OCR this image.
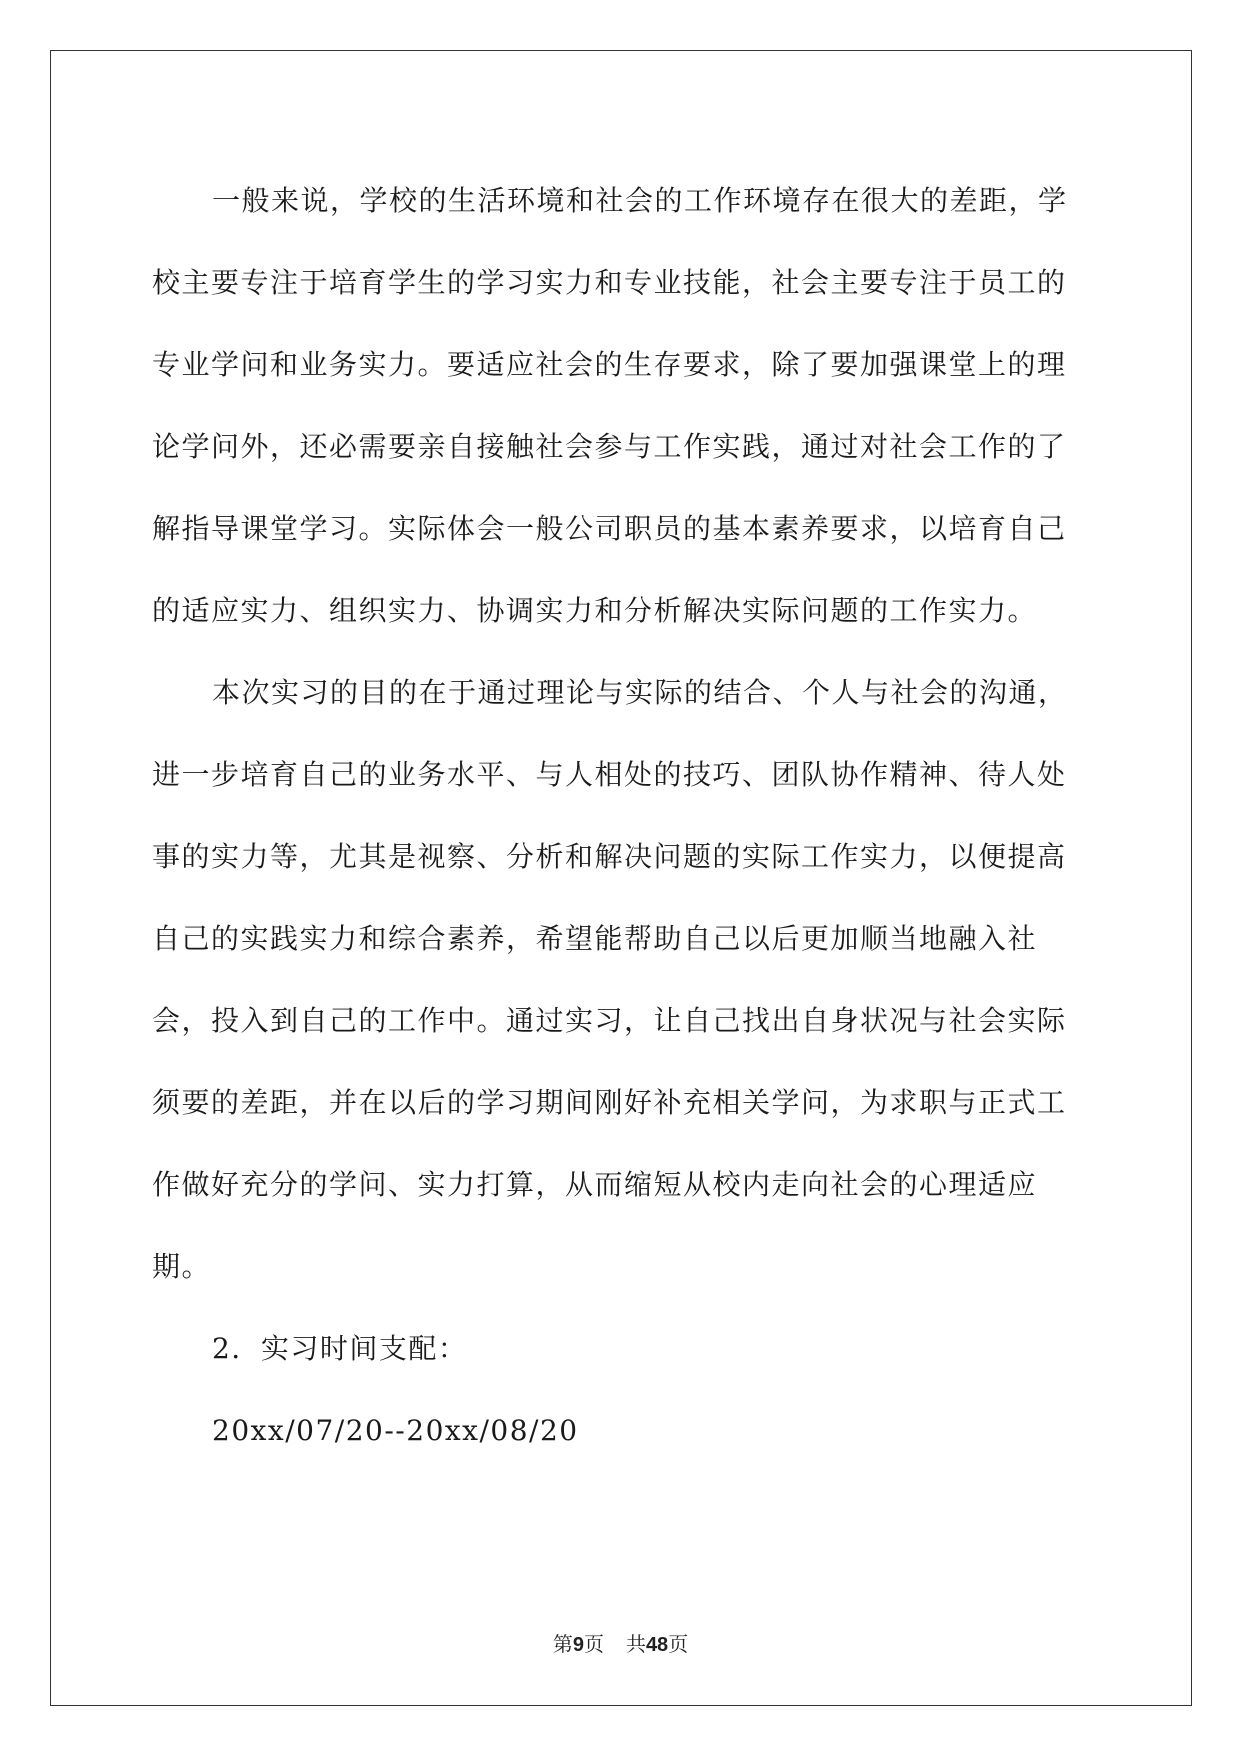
一般来说，学校的生活环境和社会的工作环境存在很大的差距，学校主要专注于培育学生的学习实力和专业技能，社会主要专注于员工的专业学问和业务实力。要适应社会的生存要求，除了要加强课堂上的理论学问外，还必需要亲自接触社会参与工作实践，通过对社会工作的了解指导课堂学习。实际体会一般公司职员的基本素养要求，以培育自己的适应实力、组织实力、协调实力和分析解决实际问题的工作实力。

本次实习的目的在于通过理论与实际的结合、个人与社会的沟通，进一步培育自己的业务水平、与人相处的技巧、团队协作精神、待人处事的实力等，尤其是视察、分析和解决问题的实际工作实力，以便提高自己的实践实力和综合素养，希望能帮助自己以后更加顺当地融入社会，投入到自己的工作中。通过实习，让自己找出自身状况与社会实际须要的差距，并在以后的学习期间刚好补充相关学问，为求职与正式工作做好充分的学问、实力打算，从而缩短从校内走向社会的心理适应期。

2．实习时间支配：

20xx/07/20--20xx/08/20

第9页 共48页
